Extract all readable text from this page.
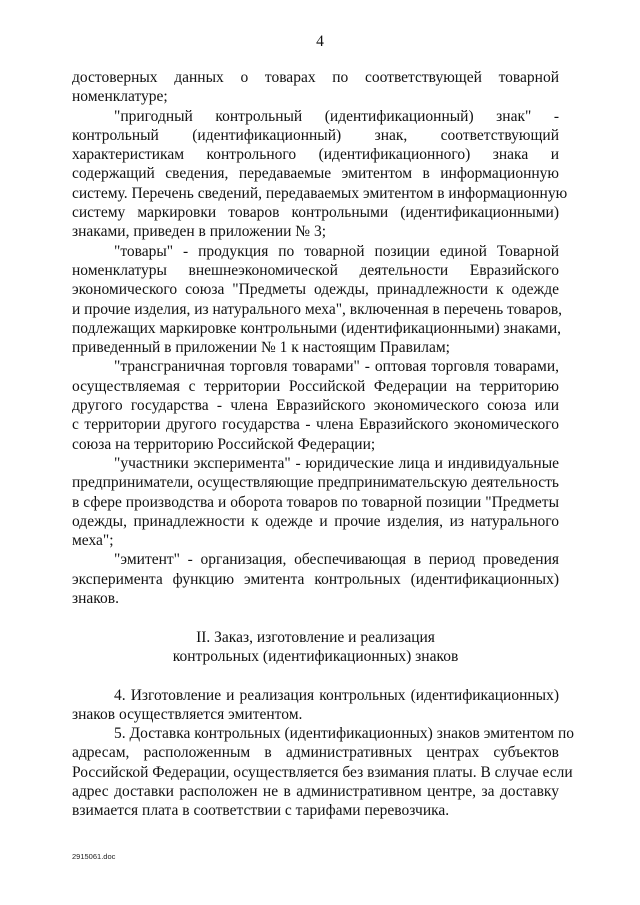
4
достоверных данных о товарах по соответствующей товарной
номенклатуре;
"пригодный контрольный (идентификационный) знак" -
контрольный (идентификационный) знак, соответствующий
характеристикам контрольного (идентификационного) знака и
содержащий сведения, передаваемые эмитентом в информационную
систему. Перечень сведений, передаваемых эмитентом в информационную
систему маркировки товаров контрольными (идентификационными)
знаками, приведен в приложении № 3;
"товары" - продукция по товарной позиции единой Товарной
номенклатуры внешнеэкономической деятельности Евразийского
экономического союза "Предметы одежды, принадлежности к одежде
и прочие изделия, из натурального меха", включенная в перечень товаров,
подлежащих маркировке контрольными (идентификационными) знаками,
приведенный в приложении № 1 к настоящим Правилам;
"трансграничная торговля товарами" - оптовая торговля товарами,
осуществляемая с территории Российской Федерации на территорию
другого государства - члена Евразийского экономического союза или
с территории другого государства - члена Евразийского экономического
союза на территорию Российской Федерации;
"участники эксперимента" - юридические лица и индивидуальные
предприниматели, осуществляющие предпринимательскую деятельность
в сфере производства и оборота товаров по товарной позиции "Предметы
одежды, принадлежности к одежде и прочие изделия, из натурального
меха";
"эмитент" - организация, обеспечивающая в период проведения
эксперимента функцию эмитента контрольных (идентификационных)
знаков.
II. Заказ, изготовление и реализация
контрольных (идентификационных) знаков
4. Изготовление и реализация контрольных (идентификационных)
знаков осуществляется эмитентом.
5. Доставка контрольных (идентификационных) знаков эмитентом по
адресам, расположенным в административных центрах субъектов
Российской Федерации, осуществляется без взимания платы. В случае если
адрес доставки расположен не в административном центре, за доставку
взимается плата в соответствии с тарифами перевозчика.
2915061.doc
